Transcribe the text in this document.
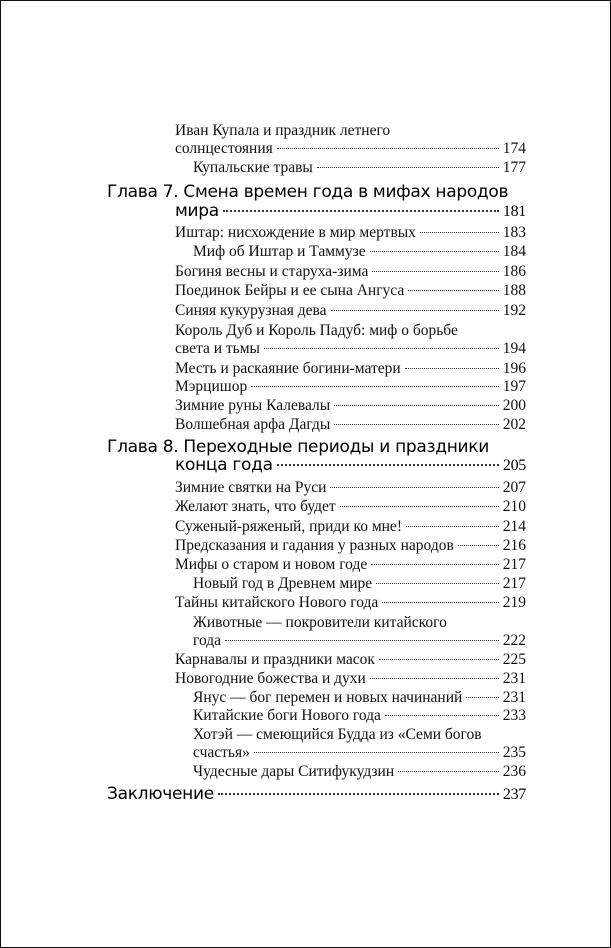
Иван Купала и праздник летнего
солнцестояния	174
Купальские травы	177
Глава 7. Смена времен года в мифах народов
мира	181
Иштар: нисхождение в мир мертвых	183
Миф об Иштар и Таммузе	184
Богиня весны и старуха-зима	186
Поединок Бейры и ее сына Ангуса	188
Синяя кукурузная дева	192
Король Дуб и Король Падуб: миф о борьбе
света и тьмы	194
Месть и раскаяние богини-матери	196
Мэрцишор	197
Зимние руны Калевалы	200
Волшебная арфа Дагды	202
Глава 8. Переходные периоды и праздники
конца года	205
Зимние святки на Руси	207
Желают знать, что будет	210
Суженый-ряженый, приди ко мне!	214
Предсказания и гадания у разных народов	216
Мифы о старом и новом годе	217
Новый год в Древнем мире	217
Тайны китайского Нового года	219
Животные — покровители китайского
года	222
Карнавалы и праздники масок	225
Новогодние божества и духи	231
Янус — бог перемен и новых начинаний	231
Китайские боги Нового года	233
Хотэй — смеющийся Будда из «Семи богов
счастья»	235
Чудесные дары Ситифукудзин	236
Заключение	237
